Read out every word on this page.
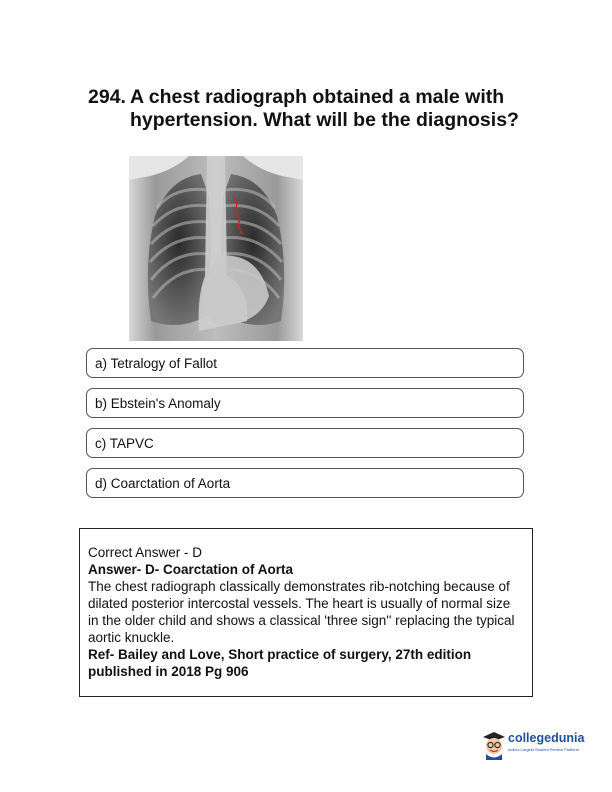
294. A chest radiograph obtained a male with hypertension. What will be the diagnosis?
a) Tetralogy of Fallot
b) Ebstein's Anomaly
c) TAPVC
d) Coarctation of Aorta
Correct Answer - D
Answer- D- Coarctation of Aorta
The chest radiograph classically demonstrates rib-notching because of dilated posterior intercostal vessels. The heart is usually of normal size in the older child and shows a classical 'three sign'' replacing the typical aortic knuckle.
Ref- Bailey and Love, Short practice of surgery, 27th edition published in 2018 Pg 906
collegedunia
India's Largest Student Review Platform
